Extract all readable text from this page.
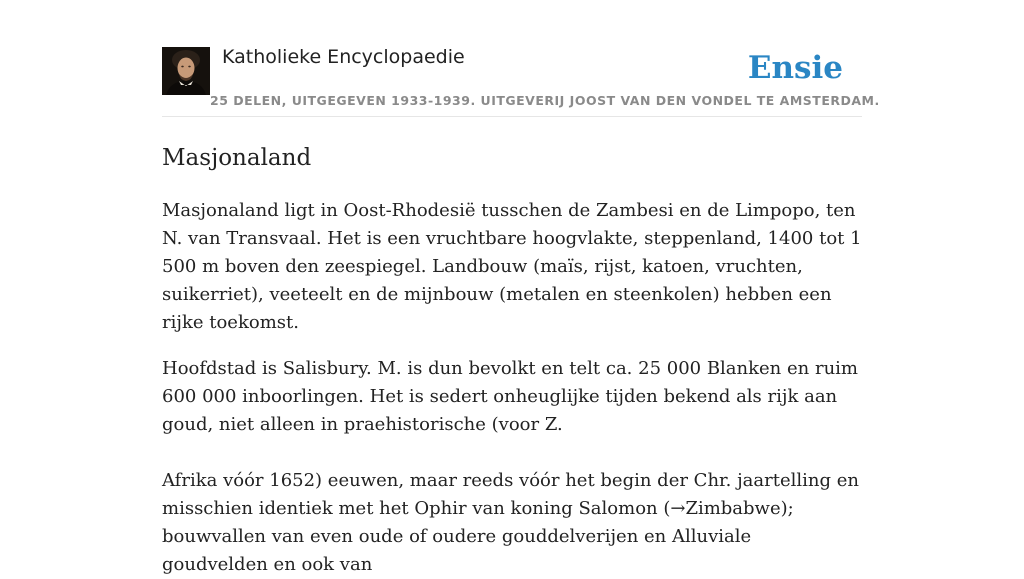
Katholieke Encyclopaedie
25 DELEN, UITGEGEVEN 1933-1939. UITGEVERIJ JOOST VAN DEN VONDEL TE AMSTERDAM.
Ensie
Masjonaland

Masjonaland ligt in Oost-Rhodesië tusschen de Zambesi en de Limpopo, ten N. van Transvaal. Het is een vruchtbare hoogvlakte, steppenland, 1400 tot 1 500 m boven den zeespiegel. Landbouw (maïs, rijst, katoen, vruchten, suikerriet), veeteelt en de mijnbouw (metalen en steenkolen) hebben een rijke toekomst.

Hoofdstad is Salisbury. M. is dun bevolkt en telt ca. 25 000 Blanken en ruim 600 000 inboorlingen. Het is sedert onheuglijke tijden bekend als rijk aan goud, niet alleen in praehistorische (voor Z.

Afrika vóór 1652) eeuwen, maar reeds vóór het begin der Chr. jaartelling en misschien identiek met het Ophir van koning Salomon (→Zimbabwe); bouwvallen van even oude of oudere gouddelverijen en Alluviale goudvelden en ook van
